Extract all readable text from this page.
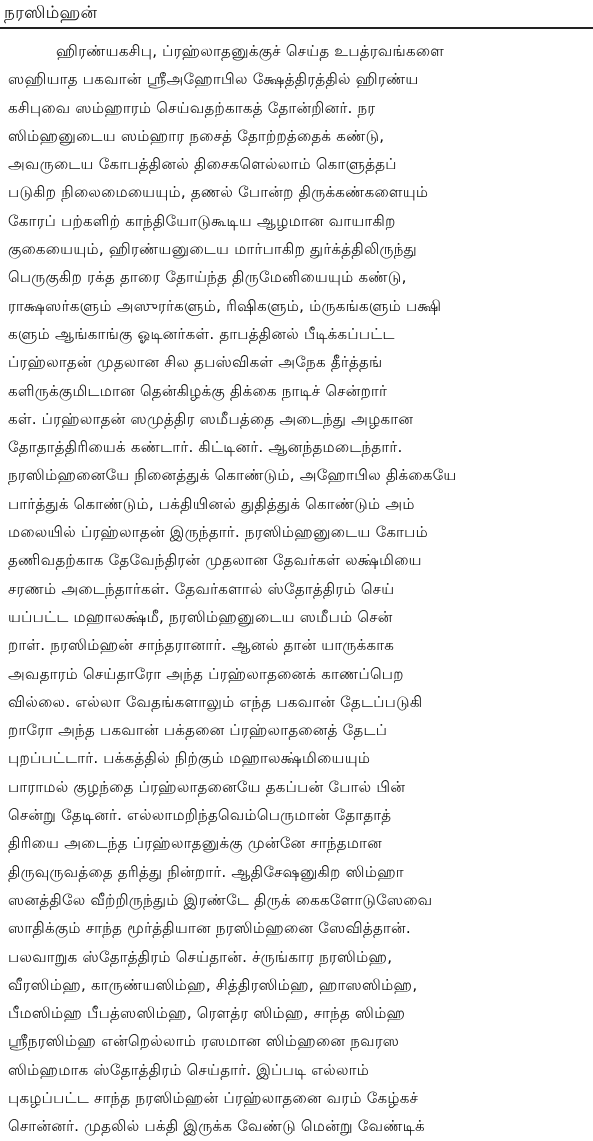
நரஸிம்ஹன்
ஹிரண்யகசிபு, ப்ரஹ்லாதனுக்குச் செய்த உபத்ரவங்களை
ஸஹியாத பகவான் ஸ்ரீஅஹோபில க்ஷேத்திரத்தில் ஹிரண்ய
கசிபுவை ஸம்ஹாரம் செய்வதற்காகத் தோன்றினர். நர
ஸிம்ஹனுடைய ஸம்ஹார நசைத் தோற்றத்தைக் கண்டு,
அவருடைய கோபத்தினல் திசைகளெல்லாம் கொளுத்தப்
படுகிற நிலைமையையும், தணல் போன்ற திருக்கண்களையும்
கோரப் பற்களிற் காந்தியோடுகூடிய ஆழமான வாயாகிற
குகையையும், ஹிரண்யனுடைய மார்பாகிற துர்க்த்திலிருந்து
பெருகுகிற ரக்த தாரை தோய்ந்த திருமேனியையும் கண்டு,
ராக்ஷஸர்களும் அஸுரர்களும், ரிஷிகளும், ம்ருகங்களும் பக்ஷி
களும் ஆங்காங்கு ஓடினர்கள். தாபத்தினல் பீடிக்கப்பட்ட
ப்ரஹ்லாதன் முதலான சில தபஸ்விகள் அநேக தீர்த்தங்
களிருக்குமிடமான தென்கிழக்கு திக்கை நாடிச் சென்றார்
கள். ப்ரஹ்லாதன் ஸமுத்திர ஸமீபத்தை அடைந்து அழகான
தோதாத்திரியைக் கண்டார். கிட்டினர். ஆனந்தமடைந்தார்.
நரஸிம்ஹனையே நினைத்துக் கொண்டும், அஹோபில திக்கையே
பார்த்துக் கொண்டும், பக்தியினல் துதித்துக் கொண்டும் அம்
மலையில் ப்ரஹ்லாதன் இருந்தார். நரஸிம்ஹனுடைய கோபம்
தணிவதற்காக தேவேந்திரன் முதலான தேவர்கள் லக்ஷ்மியை
சரணம் அடைந்தார்கள். தேவர்களால் ஸ்தோத்திரம் செய்
யப்பட்ட மஹாலக்ஷ்மீ, நரஸிம்ஹனுடைய ஸமீபம் சென்
றாள். நரஸிம்ஹன் சாந்தரானார். ஆனல் தான் யாருக்காக
அவதாரம் செய்தாரோ அந்த ப்ரஹ்லாதனைக் காணப்பெற
வில்லை. எல்லா வேதங்களாலும் எந்த பகவான் தேடப்படுகி
றாரோ அந்த பகவான் பக்தனை ப்ரஹ்லாதனைத் தேடப்
புறப்பட்டார். பக்கத்தில் நிற்கும் மஹாலக்ஷ்மியையும்
பாராமல் குழந்தை ப்ரஹ்லாதனையே தகப்பன் போல் பின்
சென்று தேடினர். எல்லாமறிந்தவெம்பெருமான் தோதாத்
திரியை அடைந்த ப்ரஹ்லாதனுக்கு முன்னே சாந்தமான
திருவுருவத்தை தரித்து நின்றார். ஆதிசேஷனுகிற ஸிம்ஹா
ஸனத்திலே வீற்றிருந்தும் இரண்டே திருக் கைகளோடுஸேவை
ஸாதிக்கும் சாந்த மூர்த்தியான நரஸிம்ஹனை ஸேவித்தான்.
பலவாறுக ஸ்தோத்திரம் செய்தான். ச்ருங்கார நரஸிம்ஹ,
வீரஸிம்ஹ, காருண்யஸிம்ஹ, சித்திரஸிம்ஹ, ஹாஸஸிம்ஹ,
பீமஸிம்ஹ பீபத்ஸஸிம்ஹ, ரௌத்ர ஸிம்ஹ, சாந்த ஸிம்ஹ
ஸ்ரீநரஸிம்ஹ என்றெல்லாம் ரஸமான ஸிம்ஹனை நவரஸ
ஸிம்ஹமாக ஸ்தோத்திரம் செய்தார். இப்படி எல்லாம்
புகழப்பட்ட சாந்த நரஸிம்ஹன் ப்ரஹ்லாதனை வரம் கேழ்கச்
சொன்னர். முதலில் பக்தி இருக்க வேண்டு மென்று வேண்டிக்
